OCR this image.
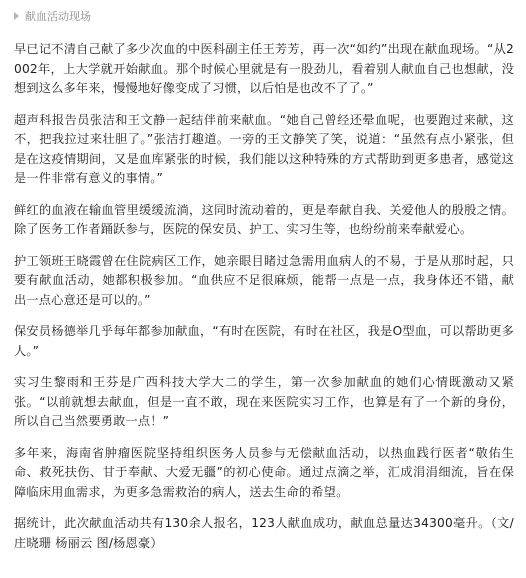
献血活动现场

早已记不清自己献了多少次血的中医科副主任王芳芳，再一次“如约”出现在献血现场。“从2002年，上大学就开始献血。那个时候心里就是有一股劲儿，看着别人献血自己也想献，没想到这么多年来，慢慢地好像变成了习惯，以后怕是也改不了了。”

超声科报告员张洁和王文静一起结伴前来献血。“她自己曾经还晕血呢，也要跑过来献，这不，把我拉过来壮胆了。”张洁打趣道。一旁的王文静笑了笑，说道：“虽然有点小紧张，但是在这疫情期间，又是血库紧张的时候，我们能以这种特殊的方式帮助到更多患者，感觉这是一件非常有意义的事情。”

鲜红的血液在输血管里缓缓流淌，这同时流动着的，更是奉献自我、关爱他人的殷殷之情。除了医务工作者踊跃参与，医院的保安员、护工、实习生等，也纷纷前来奉献爱心。

护工领班王晓霞曾在住院病区工作，她亲眼目睹过急需用血病人的不易，于是从那时起，只要有献血活动，她都积极参加。“血供应不足很麻烦，能帮一点是一点，我身体还不错，献出一点心意还是可以的。”

保安员杨德举几乎每年都参加献血，“有时在医院，有时在社区，我是O型血，可以帮助更多人。”

实习生黎雨和王芬是广西科技大学大二的学生，第一次参加献血的她们心情既激动又紧张。“以前就想去献血，但是一直不敢，现在来医院实习工作，也算是有了一个新的身份，所以自己当然要勇敢一点！”

多年来，海南省肿瘤医院坚持组织医务人员参与无偿献血活动，以热血践行医者“敬佑生命、救死扶伤、甘于奉献、大爱无疆”的初心使命。通过点滴之举，汇成涓涓细流，旨在保障临床用血需求，为更多急需救治的病人，送去生命的希望。

据统计，此次献血活动共有130余人报名，123人献血成功，献血总量达34300毫升。（文/庄晓珊 杨丽云 图/杨恩豪）
